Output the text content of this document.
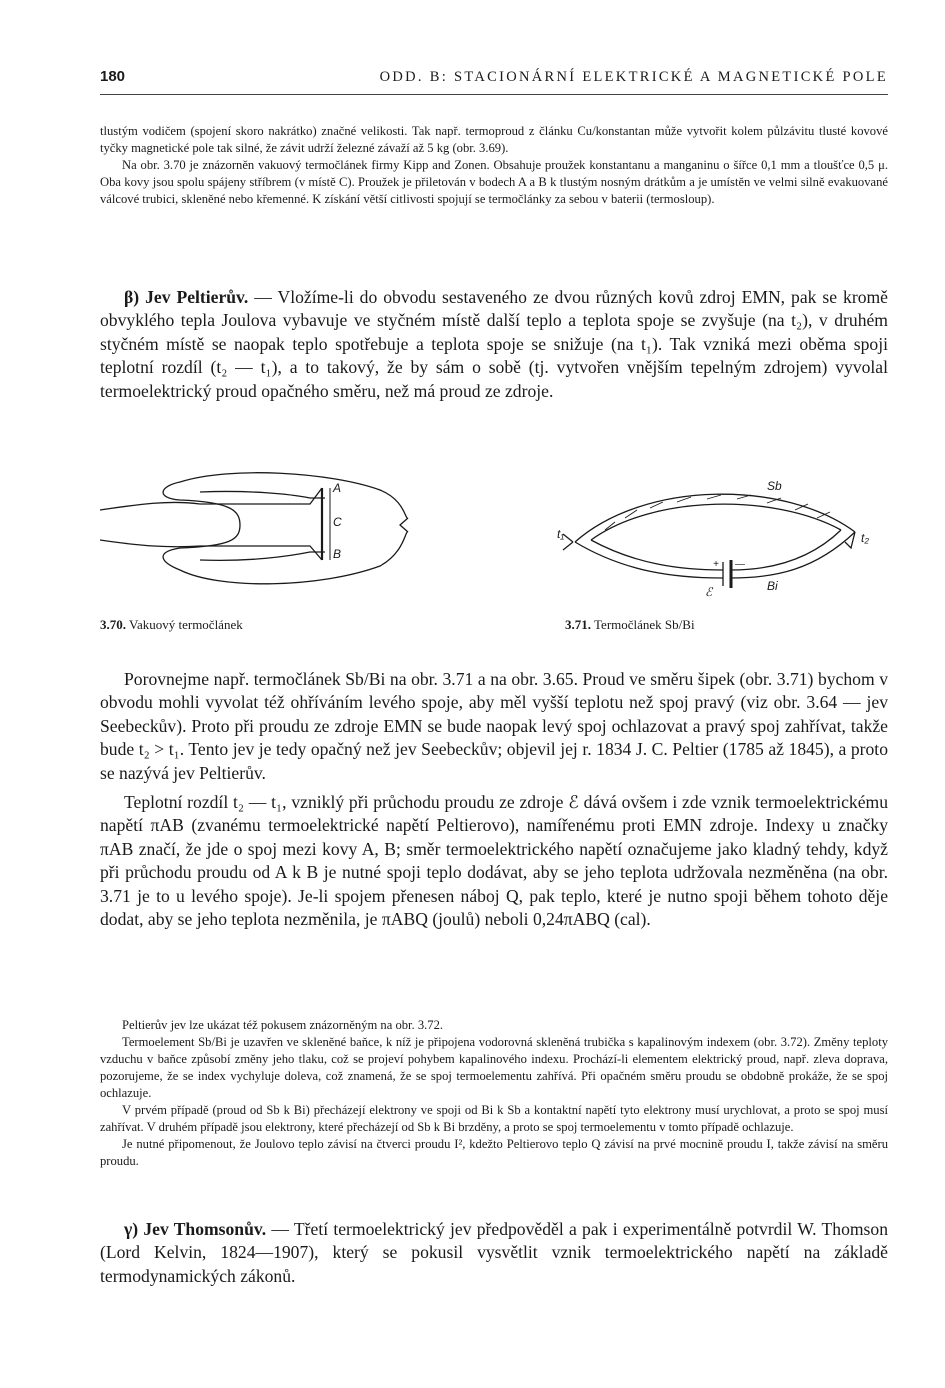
180	ODD. B: STACIONÁRNÍ ELEKTRICKÉ A MAGNETICKÉ POLE

tlustým vodičem (spojení skoro nakrátko) značné velikosti. Tak např. termoproud z článku Cu/konstantan může vytvořit kolem půlzávitu tlusté kovové tyčky magnetické pole tak silné, že závit udrží železné závaží až 5 kg (obr. 3.69).

Na obr. 3.70 je znázorněn vakuový termočlánek firmy Kipp and Zonen. Obsahuje proužek konstantanu a manganinu o šířce 0,1 mm a tloušťce 0,5 μ. Oba kovy jsou spolu spájeny stříbrem (v místě C). Proužek je přiletován v bodech A a B k tlustým nosným drátkům a je umístěn ve velmi silně evakuované válcové trubici, skleněné nebo křemenné. K získání větší citlivosti spojují se termočlánky za sebou v baterii (termosloup).

β) Jev Peltierův. — Vložíme-li do obvodu sestaveného ze dvou různých kovů zdroj EMN, pak se kromě obvyklého tepla Joulova vybavuje ve styčném místě další teplo a teplota spoje se zvyšuje (na t₂), v druhém styčném místě se naopak teplo spotřebuje a teplota spoje se snižuje (na t₁). Tak vzniká mezi oběma spoji teplotní rozdíl (t₂ — t₁), a to takový, že by sám o sobě (tj. vytvořen vnějším tepelným zdrojem) vyvolal termoelektrický proud opačného směru, než má proud ze zdroje.

A
C
B
t₁	t₂
Sb
Bi
+ —
ℰ
3.70. Vakuový termočlánek	3.71. Termočlánek Sb/Bi

Porovnejme např. termočlánek Sb/Bi na obr. 3.71 a na obr. 3.65. Proud ve směru šipek (obr. 3.71) bychom v obvodu mohli vyvolat též ohříváním levého spoje, aby měl vyšší teplotu než spoj pravý (viz obr. 3.64 — jev Seebeckův). Proto při proudu ze zdroje EMN se bude naopak levý spoj ochlazovat a pravý spoj zahřívat, takže bude t₂ > t₁. Tento jev je tedy opačný než jev Seebeckův; objevil jej r. 1834 J. C. Peltier (1785 až 1845), a proto se nazývá jev Peltierův.

Teplotní rozdíl t₂ — t₁, vzniklý při průchodu proudu ze zdroje ℰ dává ovšem i zde vznik termoelektrickému napětí πAB (zvanému termoelektrické napětí Peltierovo), namířenému proti EMN zdroje. Indexy u značky πAB značí, že jde o spoj mezi kovy A, B; směr termoelektrického napětí označujeme jako kladný tehdy, když při průchodu proudu od A k B je nutné spoji teplo dodávat, aby se jeho teplota udržovala nezměněna (na obr. 3.71 je to u levého spoje). Je-li spojem přenesen náboj Q, pak teplo, které je nutno spoji během tohoto děje dodat, aby se jeho teplota nezměnila, je πABQ (joulů) neboli 0,24πABQ (cal).

Peltierův jev lze ukázat též pokusem znázorněným na obr. 3.72.

Termoelement Sb/Bi je uzavřen ve skleněné baňce, k níž je připojena vodorovná skleněná trubička s kapalinovým indexem (obr. 3.72). Změny teploty vzduchu v baňce způsobí změny jeho tlaku, což se projeví pohybem kapalinového indexu. Prochází-li elementem elektrický proud, např. zleva doprava, pozorujeme, že se index vychyluje doleva, což znamená, že se spoj termoelementu zahřívá. Při opačném směru proudu se obdobně prokáže, že se spoj ochlazuje.

V prvém případě (proud od Sb k Bi) přecházejí elektrony ve spoji od Bi k Sb a kontaktní napětí tyto elektrony musí urychlovat, a proto se spoj musí zahřívat. V druhém případě jsou elektrony, které přecházejí od Sb k Bi brzděny, a proto se spoj termoelementu v tomto případě ochlazuje.

Je nutné připomenout, že Joulovo teplo závisí na čtverci proudu I², kdežto Peltierovo teplo Q závisí na prvé mocnině proudu I, takže závisí na směru proudu.

γ) Jev Thomsonův. — Třetí termoelektrický jev předpověděl a pak i experimentálně potvrdil W. Thomson (Lord Kelvin, 1824—1907), který se pokusil vysvětlit vznik termoelektrického napětí na základě termodynamických zákonů.
